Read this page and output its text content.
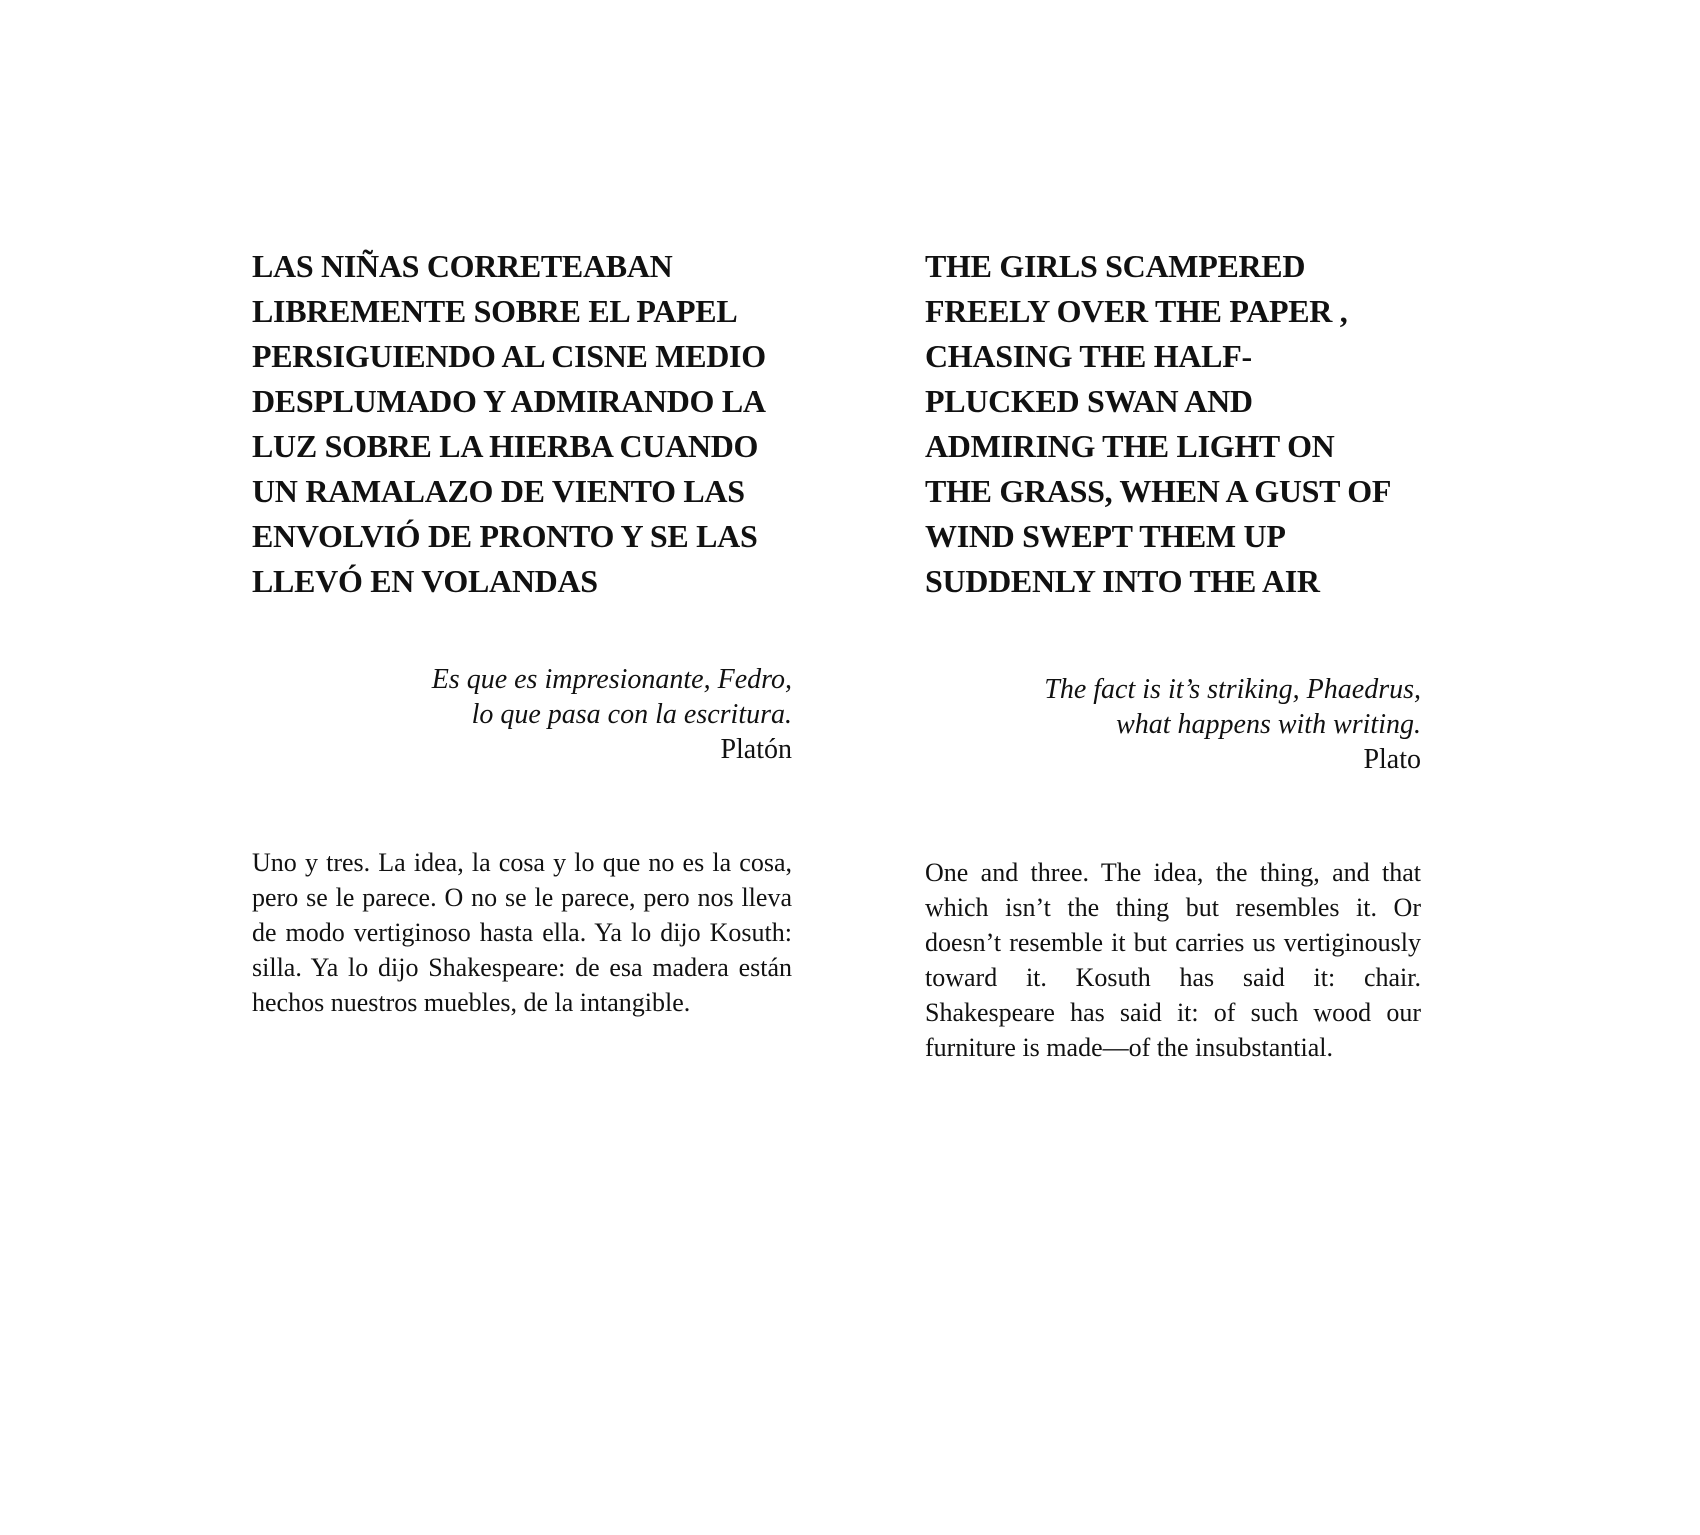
LAS NIÑAS CORRETEABAN
LIBREMENTE SOBRE EL PAPEL
PERSIGUIENDO AL CISNE MEDIO
DESPLUMADO Y ADMIRANDO LA
LUZ SOBRE LA HIERBA CUANDO
UN RAMALAZO DE VIENTO LAS
ENVOLVIÓ DE PRONTO Y SE LAS
LLEVÓ EN VOLANDAS

Es que es impresionante, Fedro,
lo que pasa con la escritura.
Platón

Uno y tres. La idea, la cosa y lo que no es la cosa, pero se le parece. O no se le parece, pero nos lleva de modo vertiginoso hasta ella. Ya lo dijo Kosuth: silla. Ya lo dijo Shakespeare: de esa madera están hechos nuestros muebles, de la intangible.

THE GIRLS SCAMPERED
FREELY OVER THE PAPER ,
CHASING THE HALF-
PLUCKED SWAN AND
ADMIRING THE LIGHT ON
THE GRASS, WHEN A GUST OF
WIND SWEPT THEM UP
SUDDENLY INTO THE AIR

The fact is it’s striking, Phaedrus,
what happens with writing.
Plato

One and three. The idea, the thing, and that which isn’t the thing but resembles it. Or doesn’t resemble it but carries us vertiginously toward it. Kosuth has said it: chair. Shakespeare has said it: of such wood our furniture is made—of the insubstantial.
